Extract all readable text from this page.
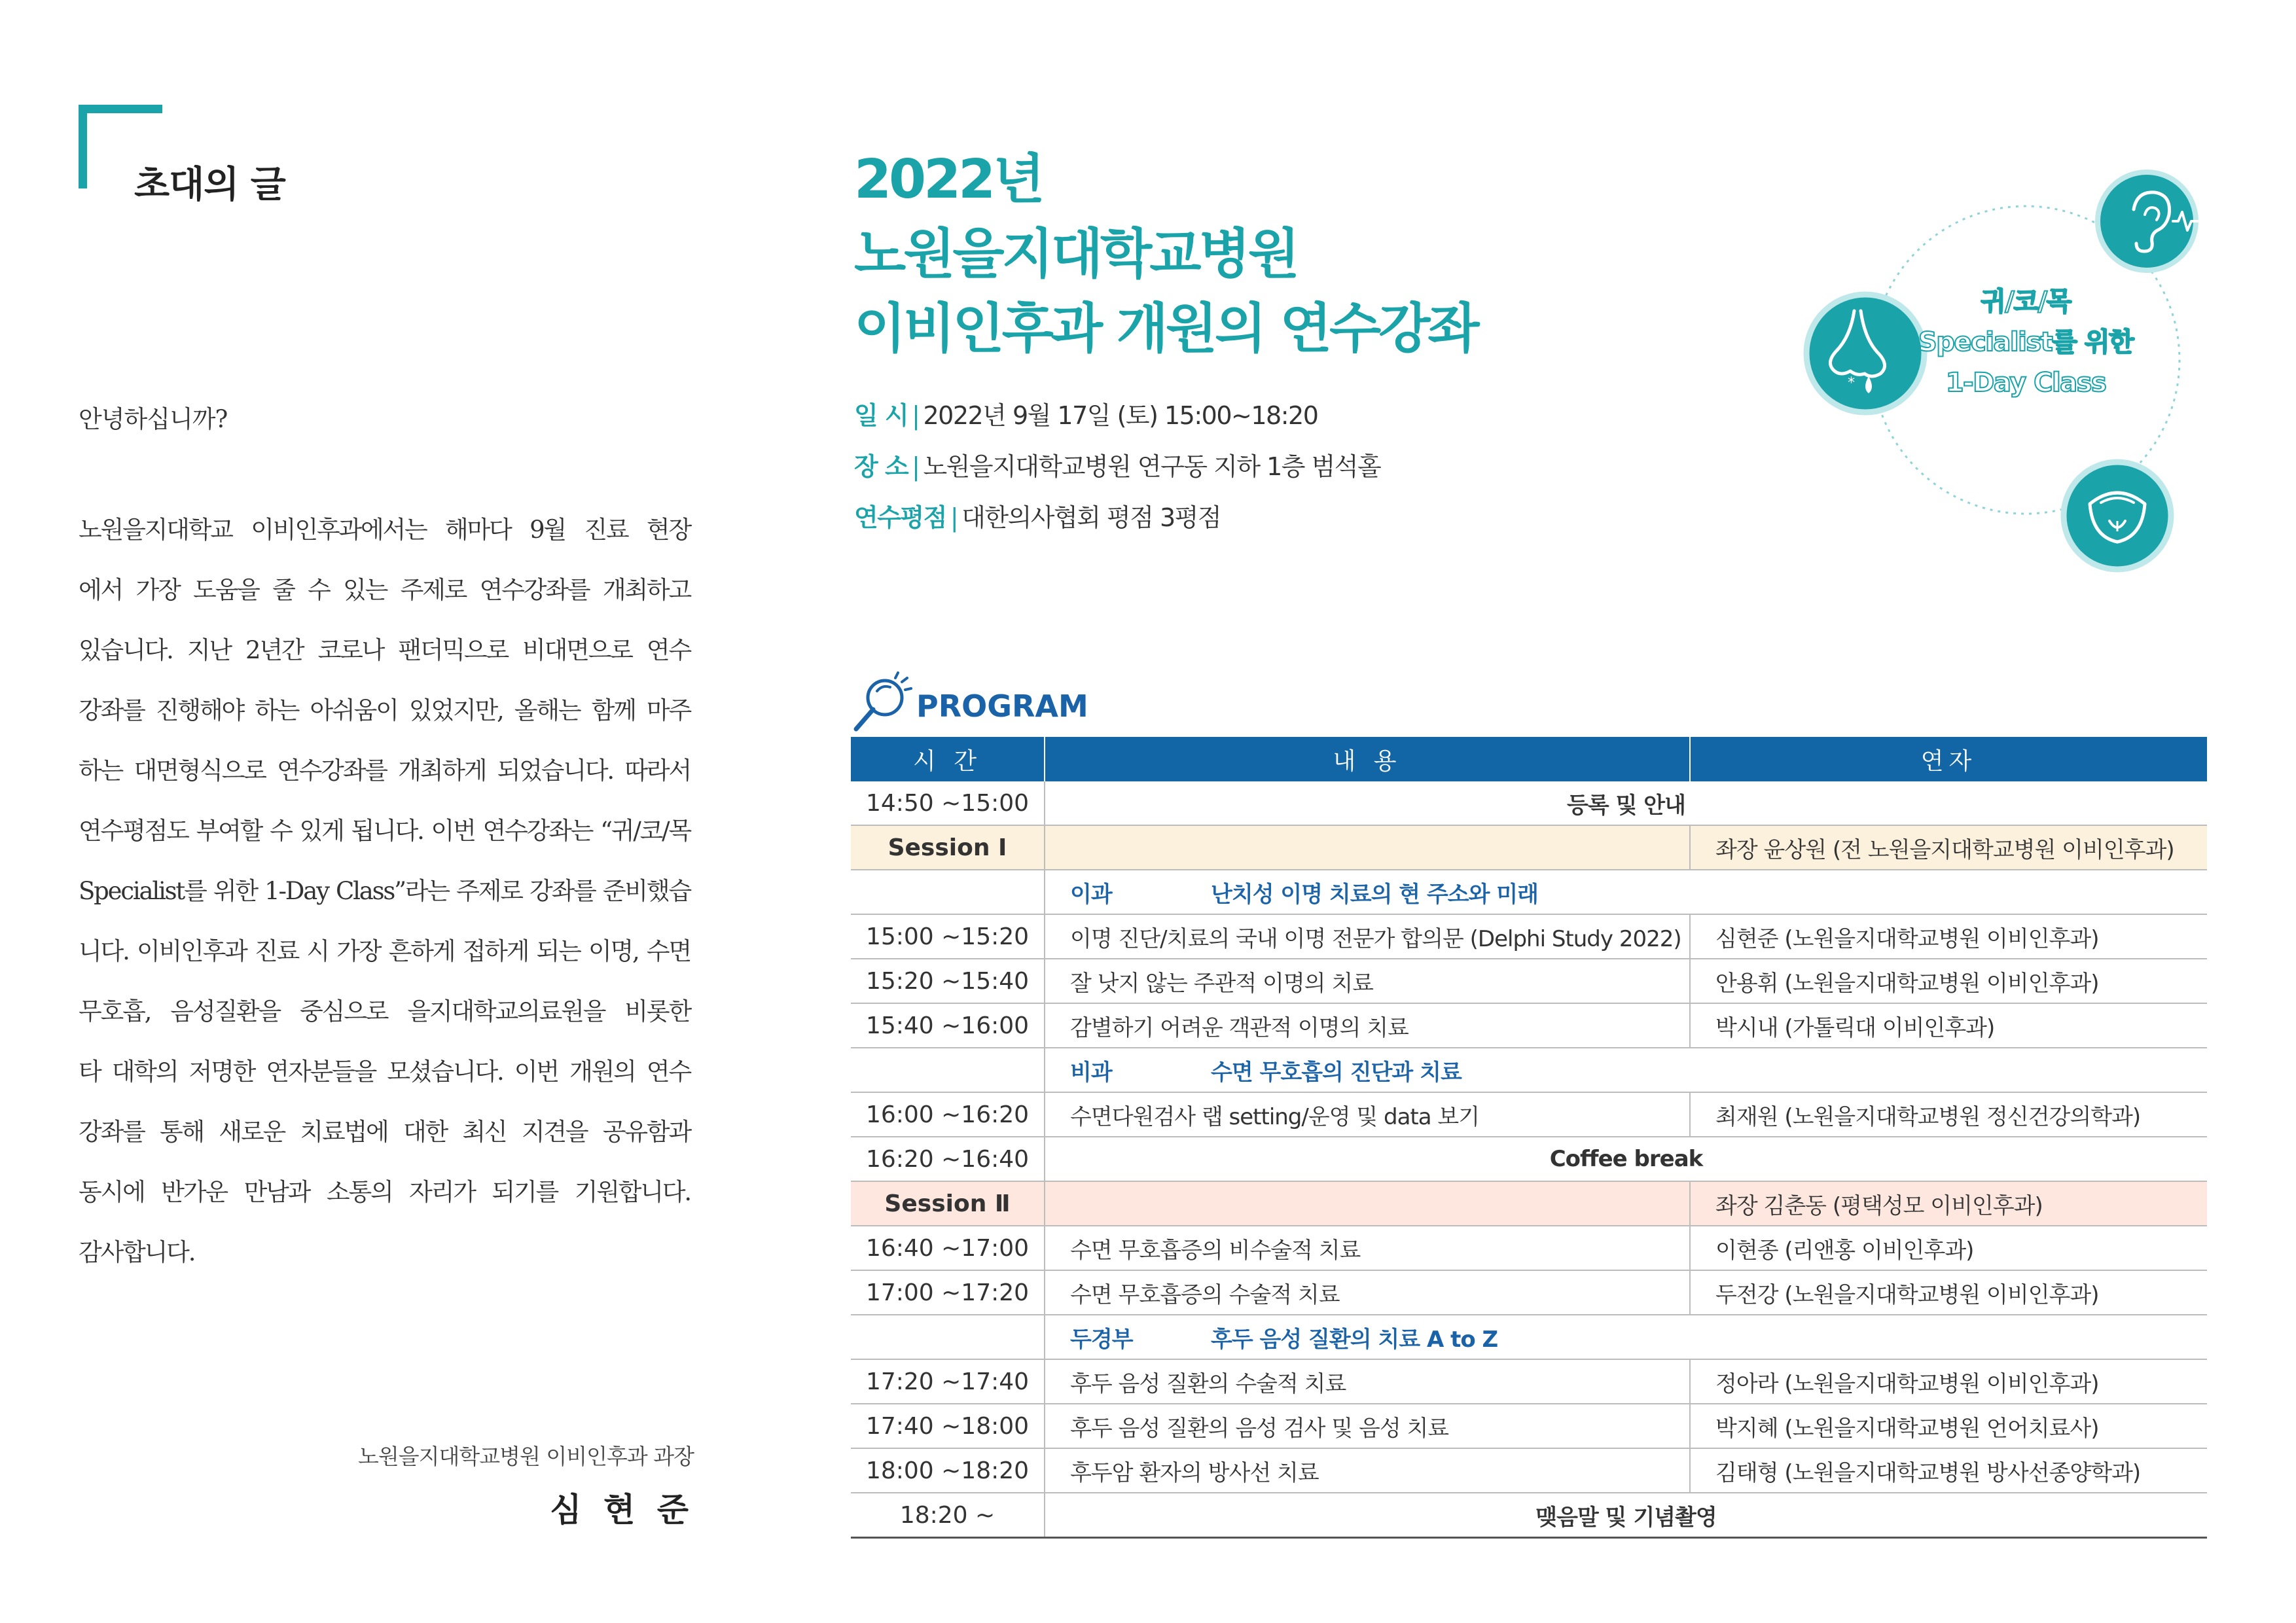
초대의 글
안녕하십니까?
노원을지대학교 이비인후과에서는 해마다 9월 진료 현장
에서 가장 도움을 줄 수 있는 주제로 연수강좌를 개최하고
있습니다. 지난 2년간 코로나 팬더믹으로 비대면으로 연수
강좌를 진행해야 하는 아쉬움이 있었지만, 올해는 함께 마주
하는 대면형식으로 연수강좌를 개최하게 되었습니다. 따라서
연수평점도 부여할 수 있게 됩니다. 이번 연수강좌는 “귀/코/목
Specialist를 위한 1-Day Class”라는 주제로 강좌를 준비했습
니다. 이비인후과 진료 시 가장 흔하게 접하게 되는 이명, 수면
무호흡, 음성질환을 중심으로 을지대학교의료원을 비롯한
타 대학의 저명한 연자분들을 모셨습니다. 이번 개원의 연수
강좌를 통해 새로운 치료법에 대한 최신 지견을 공유함과
동시에 반가운 만남과 소통의 자리가 되기를 기원합니다.
감사합니다.
노원을지대학교병원 이비인후과 과장
심 현 준
2022년
노원을지대학교병원
이비인후과 개원의 연수강좌
일 시 | 2022년 9월 17일 (토) 15:00~18:20
장 소 | 노원을지대학교병원 연구동 지하 1층 범석홀
연수평점 | 대한의사협회 평점 3평점
*
귀/코/목
Specialist를 위한
1-Day Class
PROGRAM
시 간	내 용	연자
14:50 ~15:00	등록 및 안내	
Session Ⅰ		좌장 윤상원 (전 노원을지대학교병원 이비인후과)
	이과 난치성 이명 치료의 현 주소와 미래	
15:00 ~15:20	이명 진단/치료의 국내 이명 전문가 합의문 (Delphi Study 2022)	심현준 (노원을지대학교병원 이비인후과)
15:20 ~15:40	잘 낫지 않는 주관적 이명의 치료	안용휘 (노원을지대학교병원 이비인후과)
15:40 ~16:00	감별하기 어려운 객관적 이명의 치료	박시내 (가톨릭대 이비인후과)
	비과 수면 무호흡의 진단과 치료	
16:00 ~16:20	수면다원검사 랩 setting/운영 및 data 보기	최재원 (노원을지대학교병원 정신건강의학과)
16:20 ~16:40	Coffee break	
Session Ⅱ		좌장 김춘동 (평택성모 이비인후과)
16:40 ~17:00	수면 무호흡증의 비수술적 치료	이현종 (리앤홍 이비인후과)
17:00 ~17:20	수면 무호흡증의 수술적 치료	두전강 (노원을지대학교병원 이비인후과)
	두경부 후두 음성 질환의 치료 A to Z	
17:20 ~17:40	후두 음성 질환의 수술적 치료	정아라 (노원을지대학교병원 이비인후과)
17:40 ~18:00	후두 음성 질환의 음성 검사 및 음성 치료	박지혜 (노원을지대학교병원 언어치료사)
18:00 ~18:20	후두암 환자의 방사선 치료	김태형 (노원을지대학교병원 방사선종양학과)
18:20 ~	맺음말 및 기념촬영	
